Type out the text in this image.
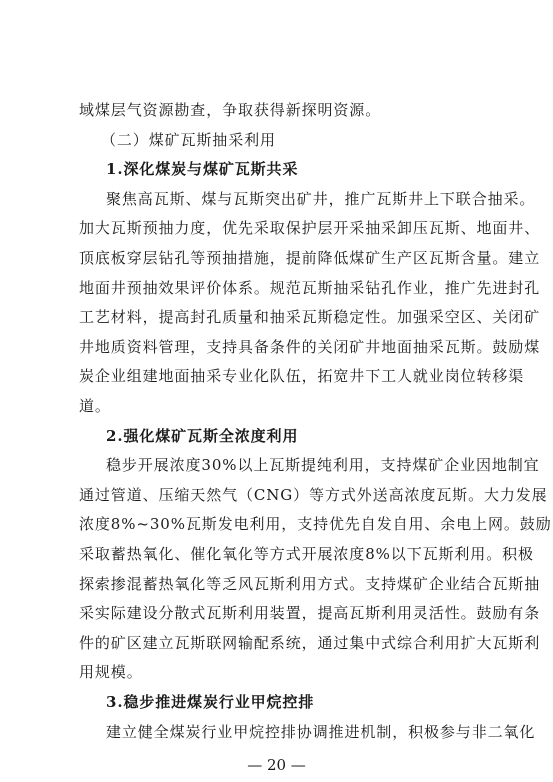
域煤层气资源勘查，争取获得新探明资源。
（二）煤矿瓦斯抽采利用
1.深化煤炭与煤矿瓦斯共采
聚焦高瓦斯、煤与瓦斯突出矿井，推广瓦斯井上下联合抽采。
加大瓦斯预抽力度，优先采取保护层开采抽采卸压瓦斯、地面井、
顶底板穿层钻孔等预抽措施，提前降低煤矿生产区瓦斯含量。建立
地面井预抽效果评价体系。规范瓦斯抽采钻孔作业，推广先进封孔
工艺材料，提高封孔质量和抽采瓦斯稳定性。加强采空区、关闭矿
井地质资料管理，支持具备条件的关闭矿井地面抽采瓦斯。鼓励煤
炭企业组建地面抽采专业化队伍，拓宽井下工人就业岗位转移渠
道。
2.强化煤矿瓦斯全浓度利用
稳步开展浓度30%以上瓦斯提纯利用，支持煤矿企业因地制宜
通过管道、压缩天然气（CNG）等方式外送高浓度瓦斯。大力发展
浓度8%~30%瓦斯发电利用，支持优先自发自用、余电上网。鼓励
采取蓄热氧化、催化氧化等方式开展浓度8%以下瓦斯利用。积极
探索掺混蓄热氧化等乏风瓦斯利用方式。支持煤矿企业结合瓦斯抽
采实际建设分散式瓦斯利用装置，提高瓦斯利用灵活性。鼓励有条
件的矿区建立瓦斯联网输配系统，通过集中式综合利用扩大瓦斯利
用规模。
3.稳步推进煤炭行业甲烷控排
建立健全煤炭行业甲烷控排协调推进机制，积极参与非二氧化
— 20 —
